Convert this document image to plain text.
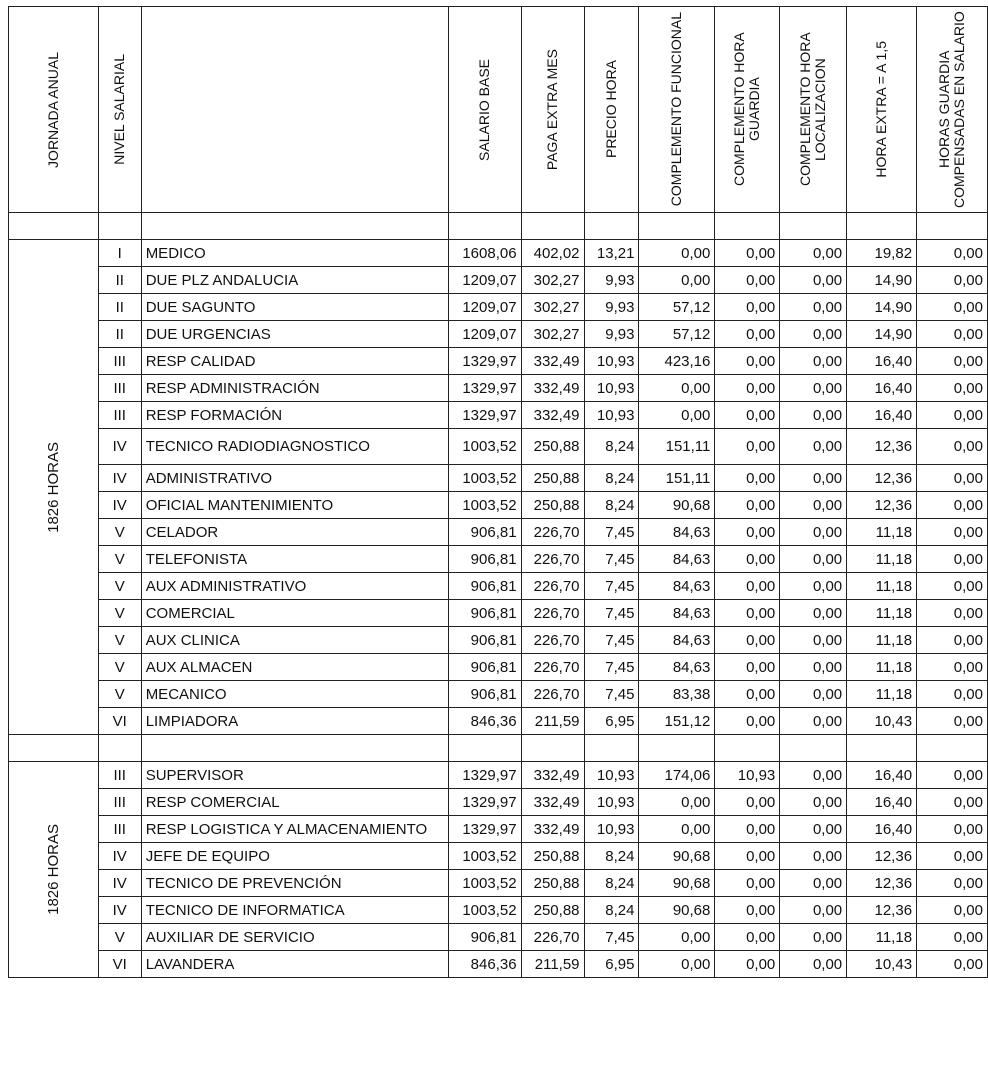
JORNADA ANUAL	NIVEL SALARIAL		SALARIO BASE	PAGA EXTRA MES	PRECIO HORA	COMPLEMENTO FUNCIONAL	COMPLEMENTO HORA GUARDIA	COMPLEMENTO HORA LOCALIZACION	HORA EXTRA = A 1,5	HORAS GUARDIA COMPENSADAS EN SALARIO

1826 HORAS	I	MEDICO	1608,06	402,02	13,21	0,00	0,00	0,00	19,82	0,00
	II	DUE PLZ ANDALUCIA	1209,07	302,27	9,93	0,00	0,00	0,00	14,90	0,00
	II	DUE SAGUNTO	1209,07	302,27	9,93	57,12	0,00	0,00	14,90	0,00
	II	DUE URGENCIAS	1209,07	302,27	9,93	57,12	0,00	0,00	14,90	0,00
	III	RESP CALIDAD	1329,97	332,49	10,93	423,16	0,00	0,00	16,40	0,00
	III	RESP ADMINISTRACIÓN	1329,97	332,49	10,93	0,00	0,00	0,00	16,40	0,00
	III	RESP FORMACIÓN	1329,97	332,49	10,93	0,00	0,00	0,00	16,40	0,00
	IV	TECNICO RADIODIAGNOSTICO	1003,52	250,88	8,24	151,11	0,00	0,00	12,36	0,00
	IV	ADMINISTRATIVO	1003,52	250,88	8,24	151,11	0,00	0,00	12,36	0,00
	IV	OFICIAL MANTENIMIENTO	1003,52	250,88	8,24	90,68	0,00	0,00	12,36	0,00
	V	CELADOR	906,81	226,70	7,45	84,63	0,00	0,00	11,18	0,00
	V	TELEFONISTA	906,81	226,70	7,45	84,63	0,00	0,00	11,18	0,00
	V	AUX ADMINISTRATIVO	906,81	226,70	7,45	84,63	0,00	0,00	11,18	0,00
	V	COMERCIAL	906,81	226,70	7,45	84,63	0,00	0,00	11,18	0,00
	V	AUX CLINICA	906,81	226,70	7,45	84,63	0,00	0,00	11,18	0,00
	V	AUX ALMACEN	906,81	226,70	7,45	84,63	0,00	0,00	11,18	0,00
	V	MECANICO	906,81	226,70	7,45	83,38	0,00	0,00	11,18	0,00
	VI	LIMPIADORA	846,36	211,59	6,95	151,12	0,00	0,00	10,43	0,00

1826 HORAS	III	SUPERVISOR	1329,97	332,49	10,93	174,06	10,93	0,00	16,40	0,00
	III	RESP COMERCIAL	1329,97	332,49	10,93	0,00	0,00	0,00	16,40	0,00
	III	RESP LOGISTICA Y ALMACENAMIENTO	1329,97	332,49	10,93	0,00	0,00	0,00	16,40	0,00
	IV	JEFE DE EQUIPO	1003,52	250,88	8,24	90,68	0,00	0,00	12,36	0,00
	IV	TECNICO DE PREVENCIÓN	1003,52	250,88	8,24	90,68	0,00	0,00	12,36	0,00
	IV	TECNICO DE INFORMATICA	1003,52	250,88	8,24	90,68	0,00	0,00	12,36	0,00
	V	AUXILIAR DE SERVICIO	906,81	226,70	7,45	0,00	0,00	0,00	11,18	0,00
	VI	LAVANDERA	846,36	211,59	6,95	0,00	0,00	0,00	10,43	0,00
